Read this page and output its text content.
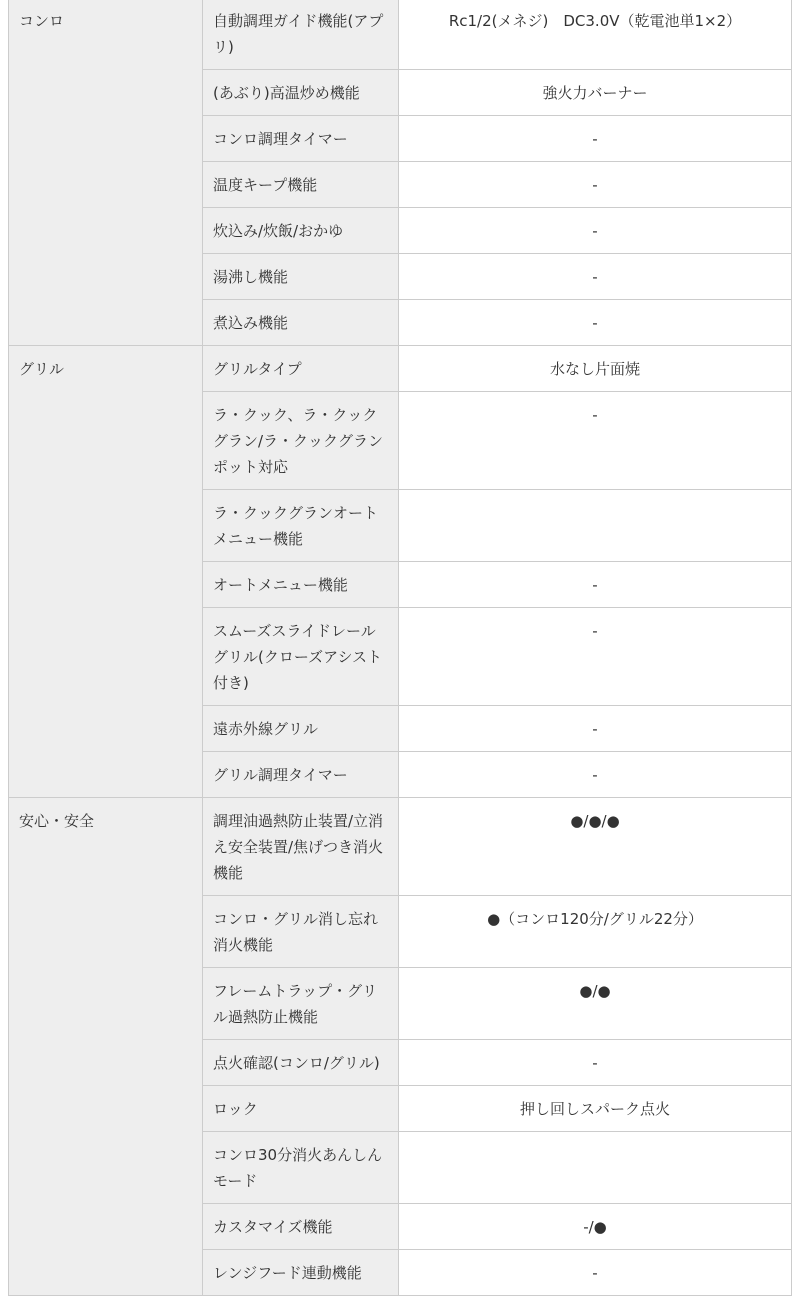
コンロ	自動調理ガイド機能(アプリ)	Rc1/2(メネジ)　DC3.0V（乾電池単1×2）
	(あぶり)高温炒め機能	強火力バーナー
	コンロ調理タイマー	-
	温度キープ機能	-
	炊込み/炊飯/おかゆ	-
	湯沸し機能	-
	煮込み機能	-
グリル	グリルタイプ	水なし片面焼
	ラ・クック、ラ・クックグラン/ラ・クックグランポット対応	-
	ラ・クックグランオートメニュー機能	
	オートメニュー機能	-
	スムーズスライドレールグリル(クローズアシスト付き)	-
	遠赤外線グリル	-
	グリル調理タイマー	-
安心・安全	調理油過熱防止装置/立消え安全装置/焦げつき消火機能	●/●/●
	コンロ・グリル消し忘れ消火機能	●（コンロ120分/グリル22分）
	フレームトラップ・グリル過熱防止機能	●/●
	点火確認(コンロ/グリル)	-
	ロック	押し回しスパーク点火
	コンロ30分消火あんしんモード	
	カスタマイズ機能	-/●
	レンジフード連動機能	-
